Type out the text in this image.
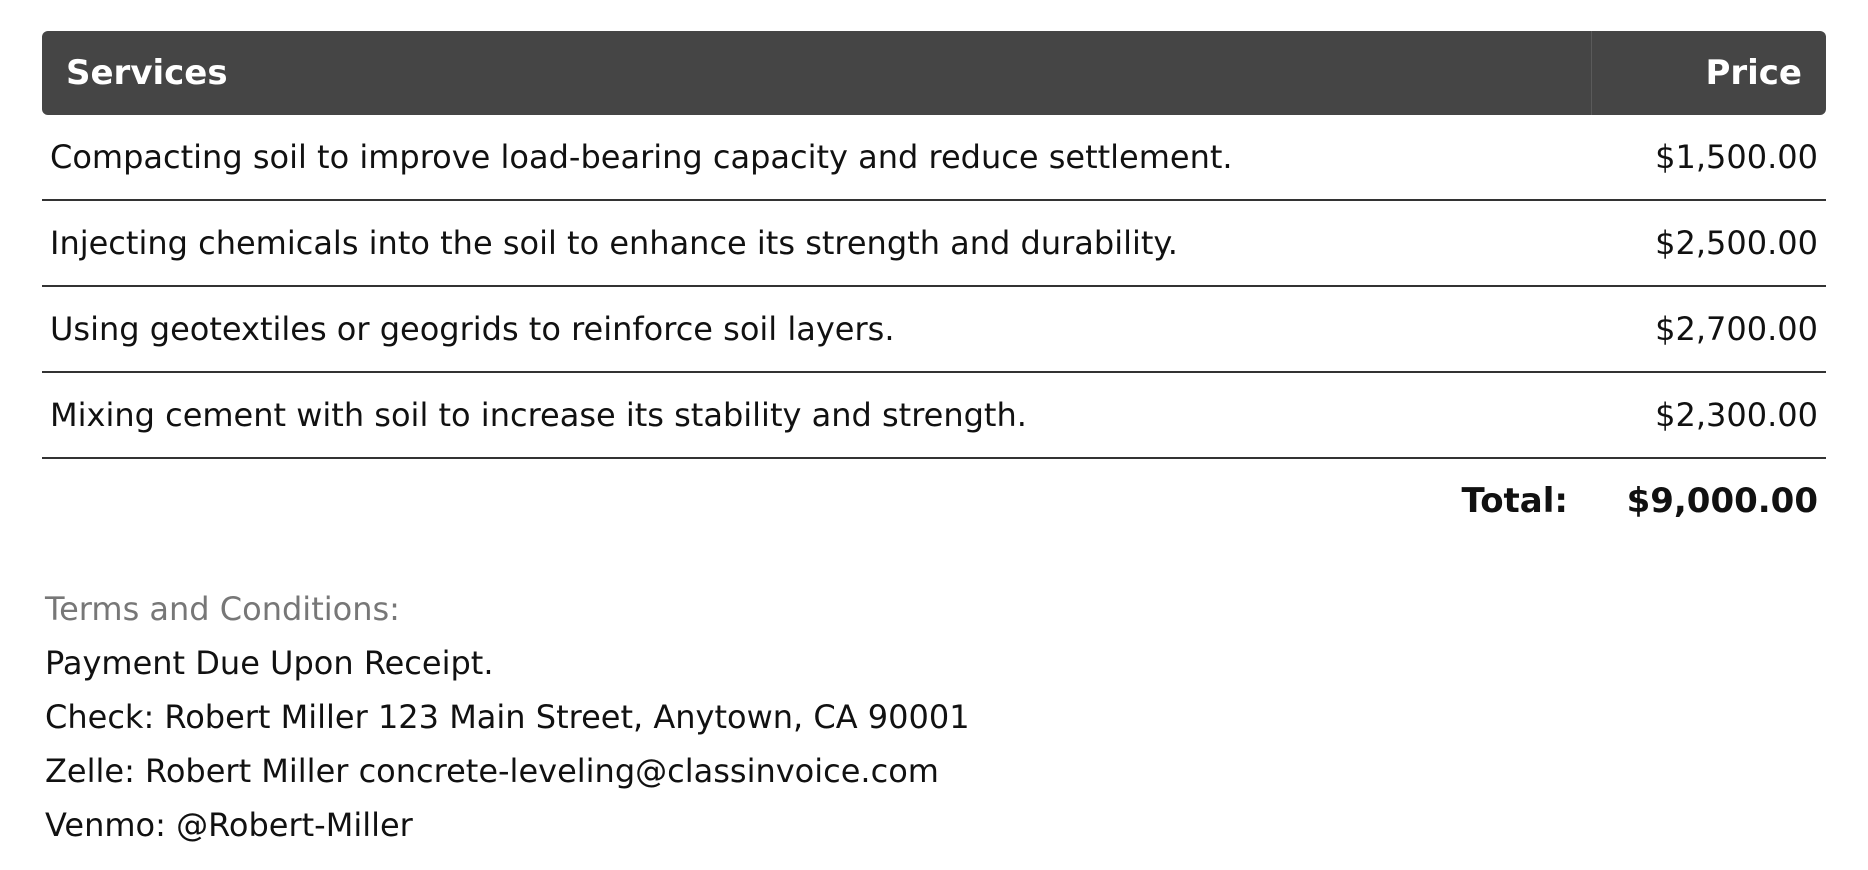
Services	Price
Compacting soil to improve load-bearing capacity and reduce settlement.	$1,500.00
Injecting chemicals into the soil to enhance its strength and durability.	$2,500.00
Using geotextiles or geogrids to reinforce soil layers.	$2,700.00
Mixing cement with soil to increase its stability and strength.	$2,300.00
Total:	$9,000.00
Terms and Conditions:
Payment Due Upon Receipt.
Check: Robert Miller 123 Main Street, Anytown, CA 90001
Zelle: Robert Miller concrete-leveling@classinvoice.com
Venmo: @Robert-Miller
